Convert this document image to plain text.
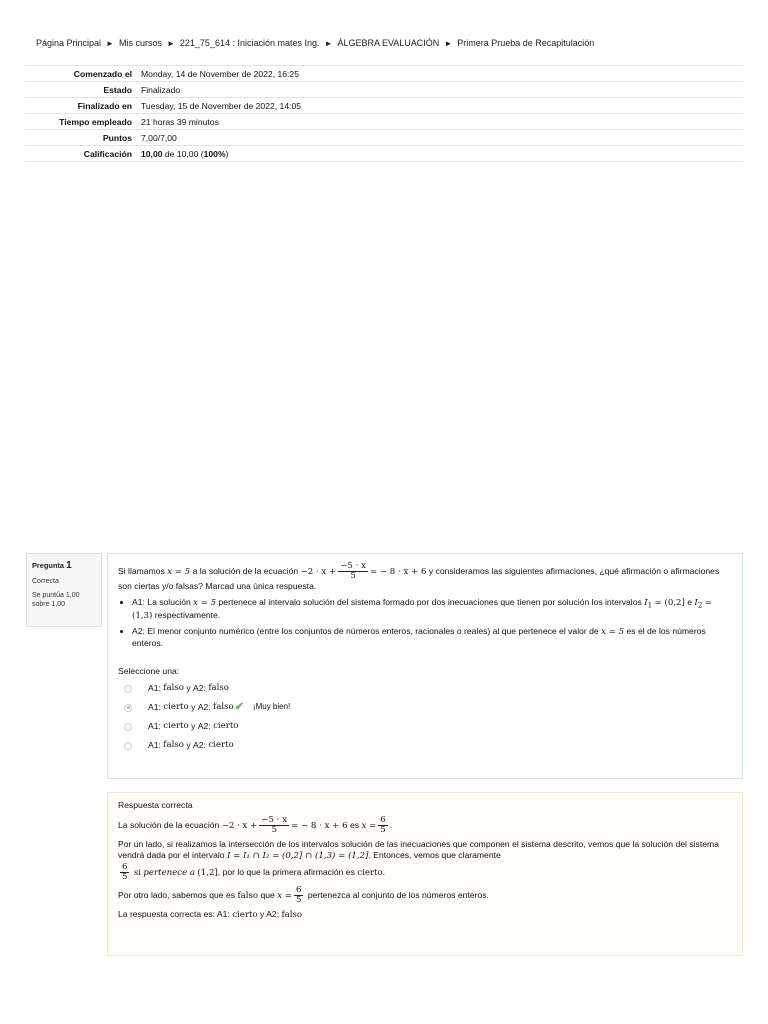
Página Principal ► Mis cursos ► 221_75_614 : Iniciación mates Ing. ► ÁLGEBRA EVALUACIÓN ► Primera Prueba de Recapitulación
Comenzado el	Monday, 14 de November de 2022, 16:25
Estado	Finalizado
Finalizado en	Tuesday, 15 de November de 2022, 14:05
Tiempo empleado	21 horas 39 minutos
Puntos	7,00/7,00
Calificación	10,00 de 10,00 (100%)
Pregunta 1
Correcta
Se puntúa 1,00 sobre 1,00
Si llamamos x = 5 a la solución de la ecuación $-2 \cdot x + \frac{-5 \cdot x}{5}$ = − 8 · x + 6 y consideramos las siguientes afirmaciones, ¿qué afirmación o afirmaciones son ciertas y/o falsas? Marcad una única respuesta.
• A1: La solución x = 5 pertenece al intervalo solución del sistema formado por dos inecuaciones que tienen por solución los intervalos $I_1 = (0,2]$ e $I_2 = (1,3)$ respectivamente.
• A2: El menor conjunto numérico (entre los conjuntos de números enteros, racionales o reales) al que pertenece el valor de x = 5 es el de los números enteros.
Seleccione una:
A1:
falso
y
A2:
falso
A1:
cierto
y
A2:
falso ✔ ¡Muy bien!
A1:
cierto
y
A2:
cierto
A1:
falso
y
A2:
cierto

Respuesta correcta

La solución de la ecuación $-2 \cdot x + \frac{-5 \cdot x}{5}$ = − 8 · x + 6 es $x = \frac{6}{5}$ .

Por un lado, si realizamos la intersección de los intervalos solución de las inecuaciones que componen el sistema descrito, vemos que la solución del sistema vendrá dada por el intervalo I = I₁ ∩ I₂ = (0,2] ∩ (1,3) = (1,2]. Entonces, vemos que claramente

$\frac{6}{5}$ si pertenece a (1,2], por lo que la primera afirmación es cierto.

Por otro lado, sabemos que es falso que $x = \frac{6}{5}$ pertenezca al conjunto de los números enteros.

La respuesta correcta es: A1: cierto y A2: falso
